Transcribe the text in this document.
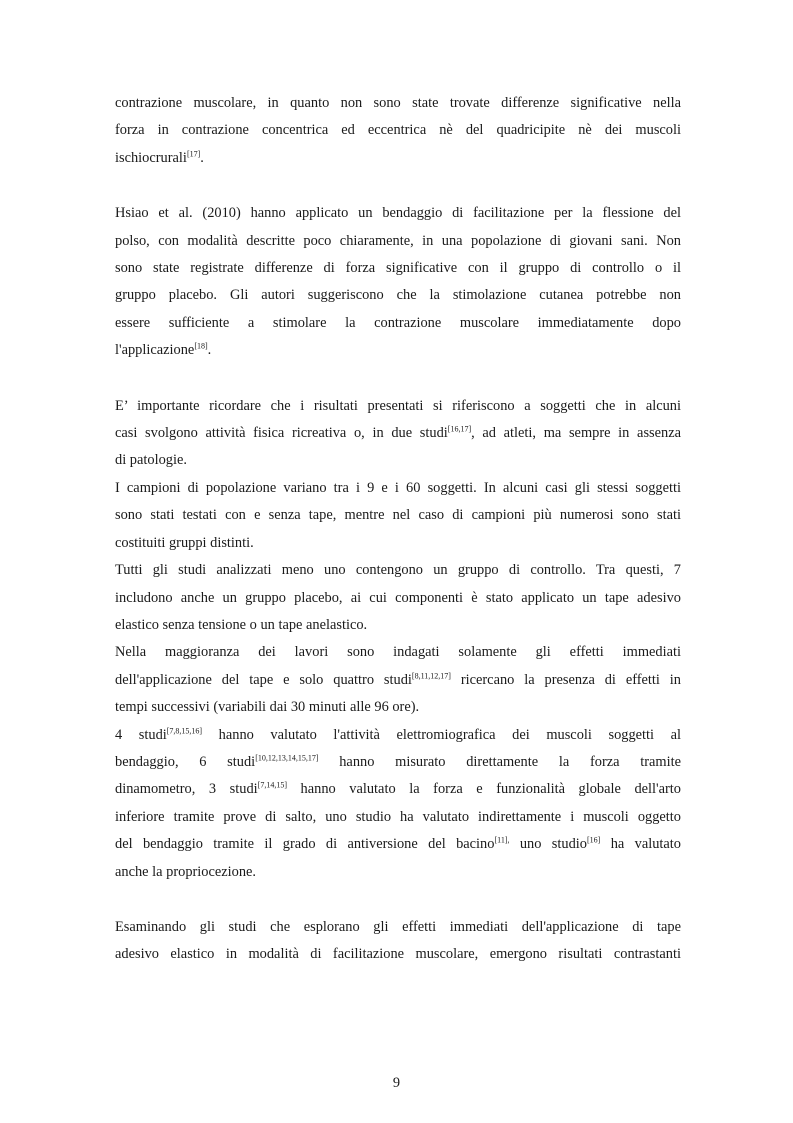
contrazione muscolare, in quanto non sono state trovate differenze significative nella
forza in contrazione concentrica ed eccentrica nè del quadricipite nè dei muscoli
ischiocrurali[17].

Hsiao et al. (2010) hanno applicato un bendaggio di facilitazione per la flessione del
polso, con modalità descritte poco chiaramente, in una popolazione di giovani sani. Non
sono state registrate differenze di forza significative con il gruppo di controllo o il
gruppo placebo. Gli autori suggeriscono che la stimolazione cutanea potrebbe non
essere sufficiente a stimolare la contrazione muscolare immediatamente dopo
l'applicazione[18].

E’ importante ricordare che i risultati presentati si riferiscono a soggetti che in alcuni
casi svolgono attività fisica ricreativa o, in due studi[16,17], ad atleti, ma sempre in assenza
di patologie.
I campioni di popolazione variano tra i 9 e i 60 soggetti. In alcuni casi gli stessi soggetti
sono stati testati con e senza tape, mentre nel caso di campioni più numerosi sono stati
costituiti gruppi distinti.
Tutti gli studi analizzati meno uno contengono un gruppo di controllo. Tra questi, 7
includono anche un gruppo placebo, ai cui componenti è stato applicato un tape adesivo
elastico senza tensione o un tape anelastico.
Nella maggioranza dei lavori sono indagati solamente gli effetti immediati
dell'applicazione del tape e solo quattro studi[8,11,12,17] ricercano la presenza di effetti in
tempi successivi (variabili dai 30 minuti alle 96 ore).
4 studi[7,8,15,16] hanno valutato l'attività elettromiografica dei muscoli soggetti al
bendaggio, 6 studi[10,12,13,14,15,17] hanno misurato direttamente la forza tramite
dinamometro, 3 studi[7,14,15] hanno valutato la forza e funzionalità globale dell'arto
inferiore tramite prove di salto, uno studio ha valutato indirettamente i muscoli oggetto
del bendaggio tramite il grado di antiversione del bacino$^{[11],}$ uno studio[16] ha valutato
anche la propriocezione.

Esaminando gli studi che esplorano gli effetti immediati dell'applicazione di tape
adesivo elastico in modalità di facilitazione muscolare, emergono risultati contrastanti

9
